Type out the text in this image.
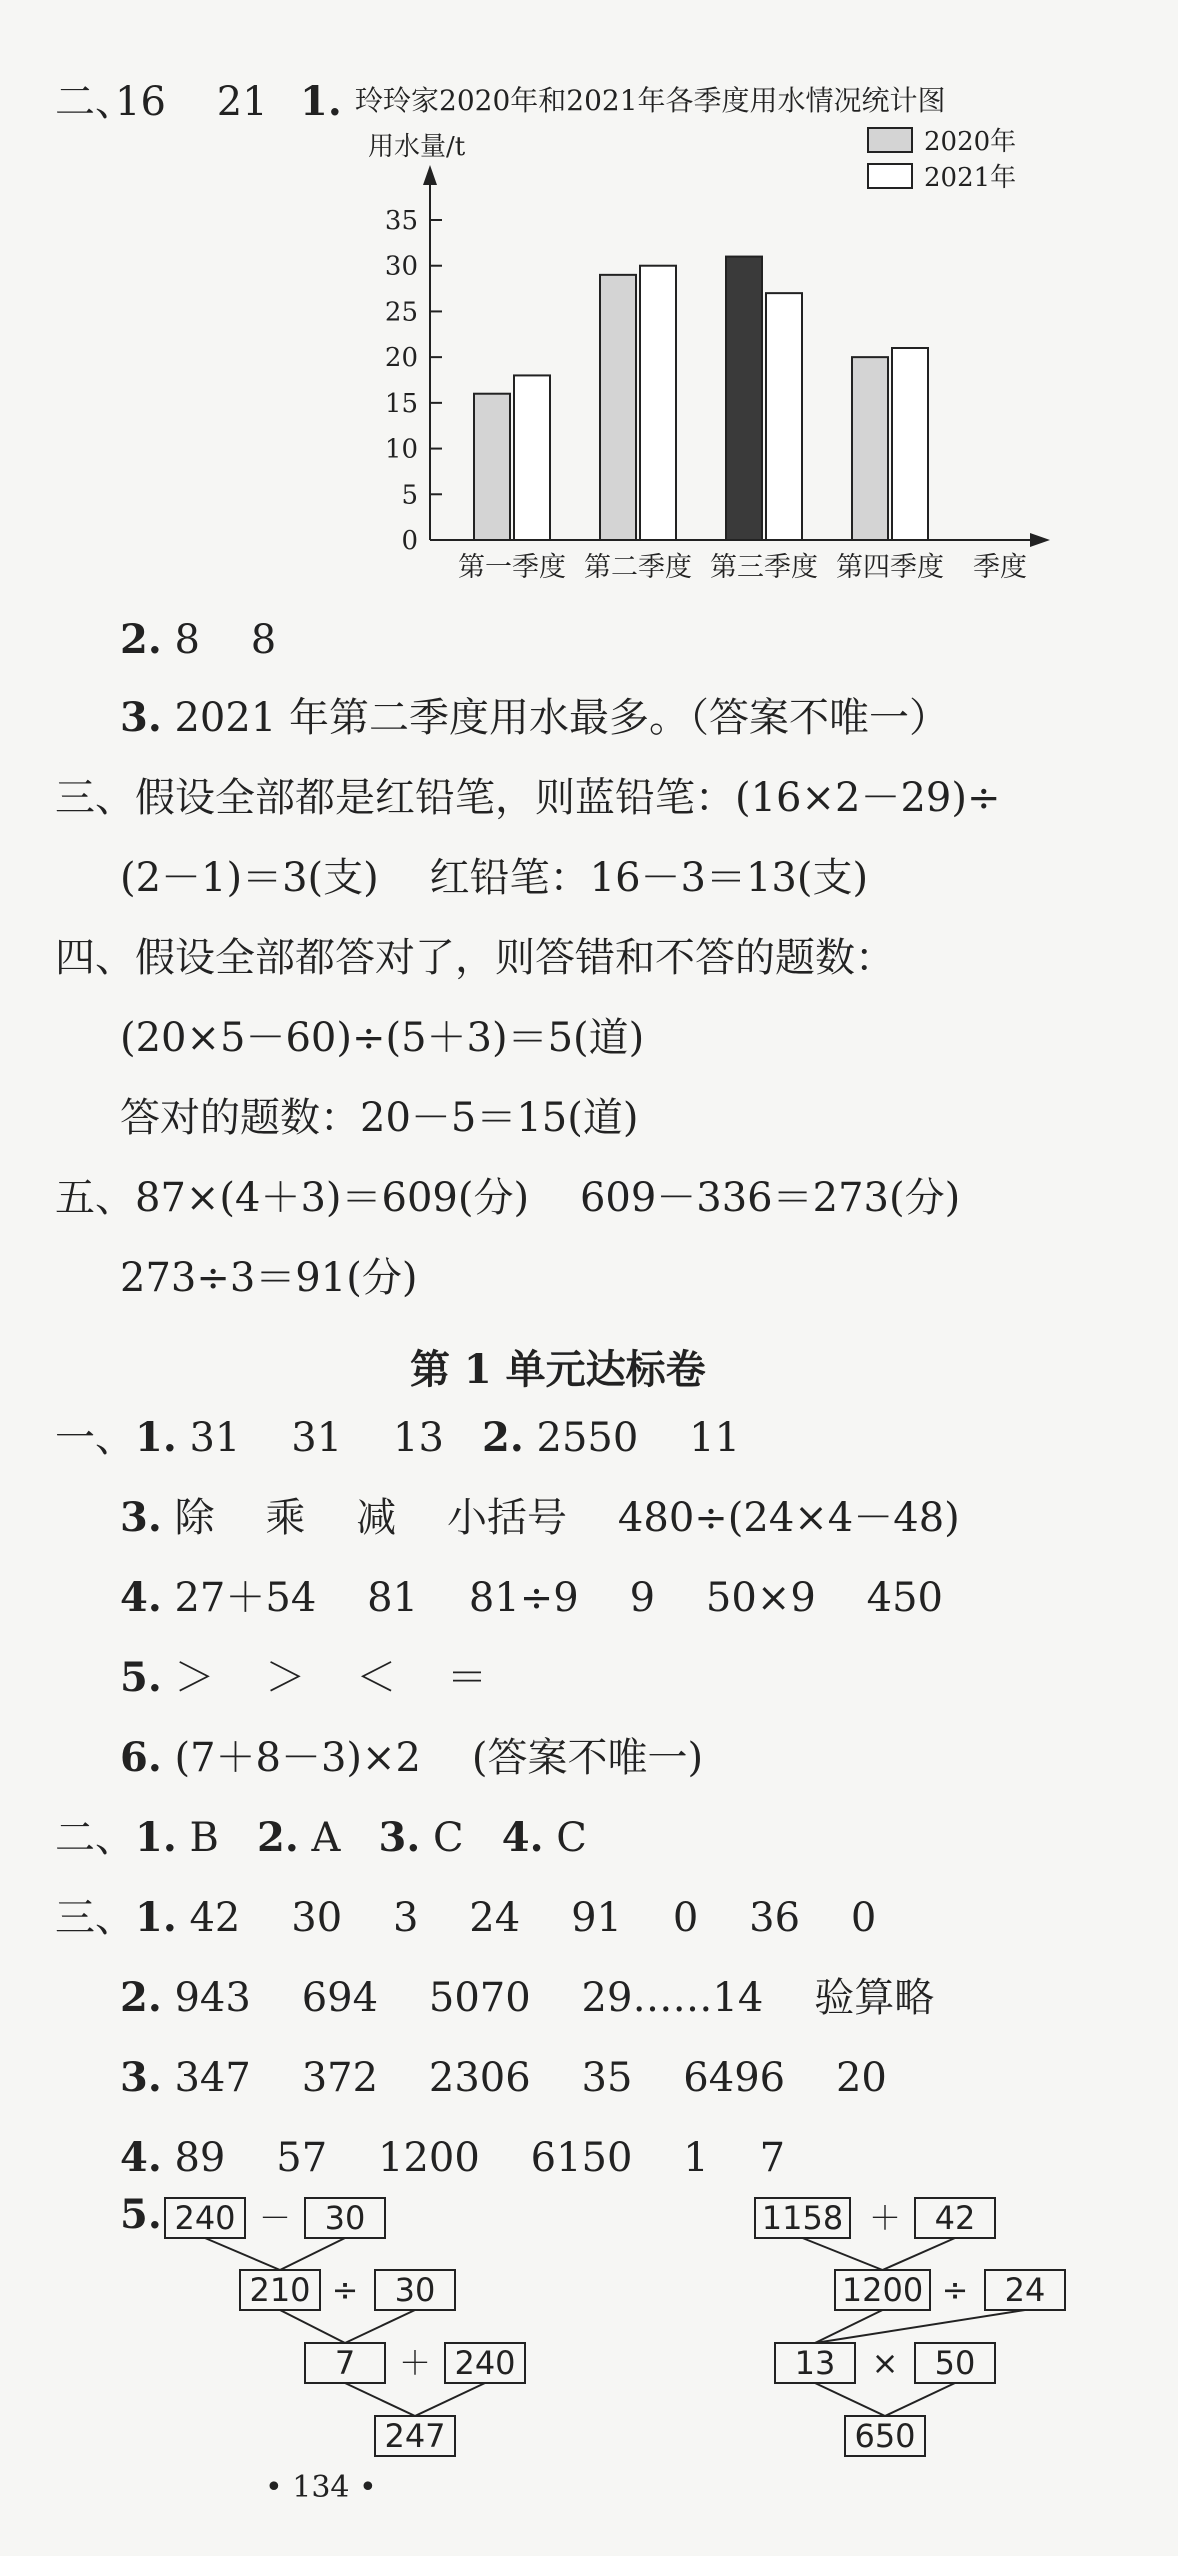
二、
16    21 1. 玲玲家2020年和2021年各季度用水情况统计图
用水量/t
0
5
10
15
20
25
30
35
第一季度 第二季度 第三季度 第四季度 季度
2020年
2021年
2. 8    8
3. 2021 年第二季度用水最多。（答案不唯一）
三、假设全部都是红铅笔，则蓝铅笔：(16×2－29)÷
(2－1)＝3(支)    红铅笔：16－3＝13(支)
四、假设全部都答对了，则答错和不答的题数：
(20×5－60)÷(5＋3)＝5(道)
答对的题数：20－5＝15(道)
五、87×(4＋3)＝609(分)    609－336＝273(分)
273÷3＝91(分)
第 1 单元达标卷
一、1. 31    31    13   2. 2550    11
3. 除    乘    减    小括号    480÷(24×4－48)
4. 27＋54    81    81÷9    9    50×9    450
5. ＞    ＞    ＜    ＝
6. (7＋8－3)×2    (答案不唯一)
二、1. B   2. A   3. C   4. C
三、1. 42    30    3    24    91    0    36    0
2. 943    694    5070    29……14    验算略
3. 347    372    2306    35    6496    20
4. 89    57    1200    6150    1    7
5. 240 － 30
210 ÷ 30
7 ＋ 240
247
1158 ＋ 42
1200 ÷ 24
13 × 50
650
• 134 •
